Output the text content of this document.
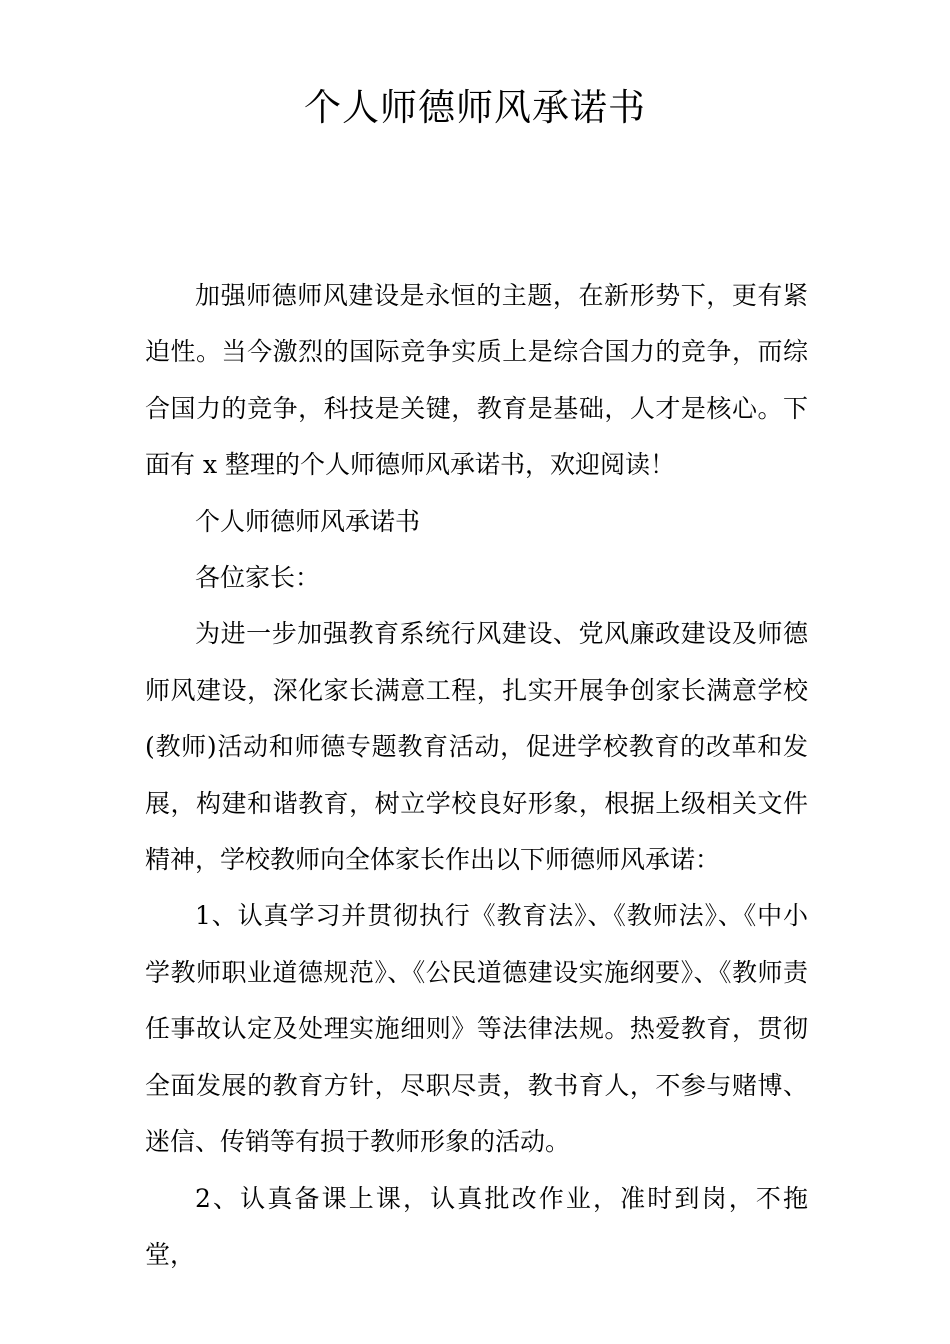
个人师德师风承诺书

加强师德师风建设是永恒的主题，在新形势下，更有紧迫性。当今激烈的国际竞争实质上是综合国力的竞争，而综合国力的竞争，科技是关键，教育是基础，人才是核心。下面有 x 整理的个人师德师风承诺书，欢迎阅读！

个人师德师风承诺书

各位家长：

为进一步加强教育系统行风建设、党风廉政建设及师德师风建设，深化家长满意工程，扎实开展争创家长满意学校(教师)活动和师德专题教育活动，促进学校教育的改革和发展，构建和谐教育，树立学校良好形象，根据上级相关文件精神，学校教师向全体家长作出以下师德师风承诺：

1、认真学习并贯彻执行《教育法》、《教师法》、《中小学教师职业道德规范》、《公民道德建设实施纲要》、《教师责任事故认定及处理实施细则》等法律法规。热爱教育，贯彻全面发展的教育方针，尽职尽责，教书育人，不参与赌博、迷信、传销等有损于教师形象的活动。

2、认真备课上课，认真批改作业，准时到岗，不拖堂，
